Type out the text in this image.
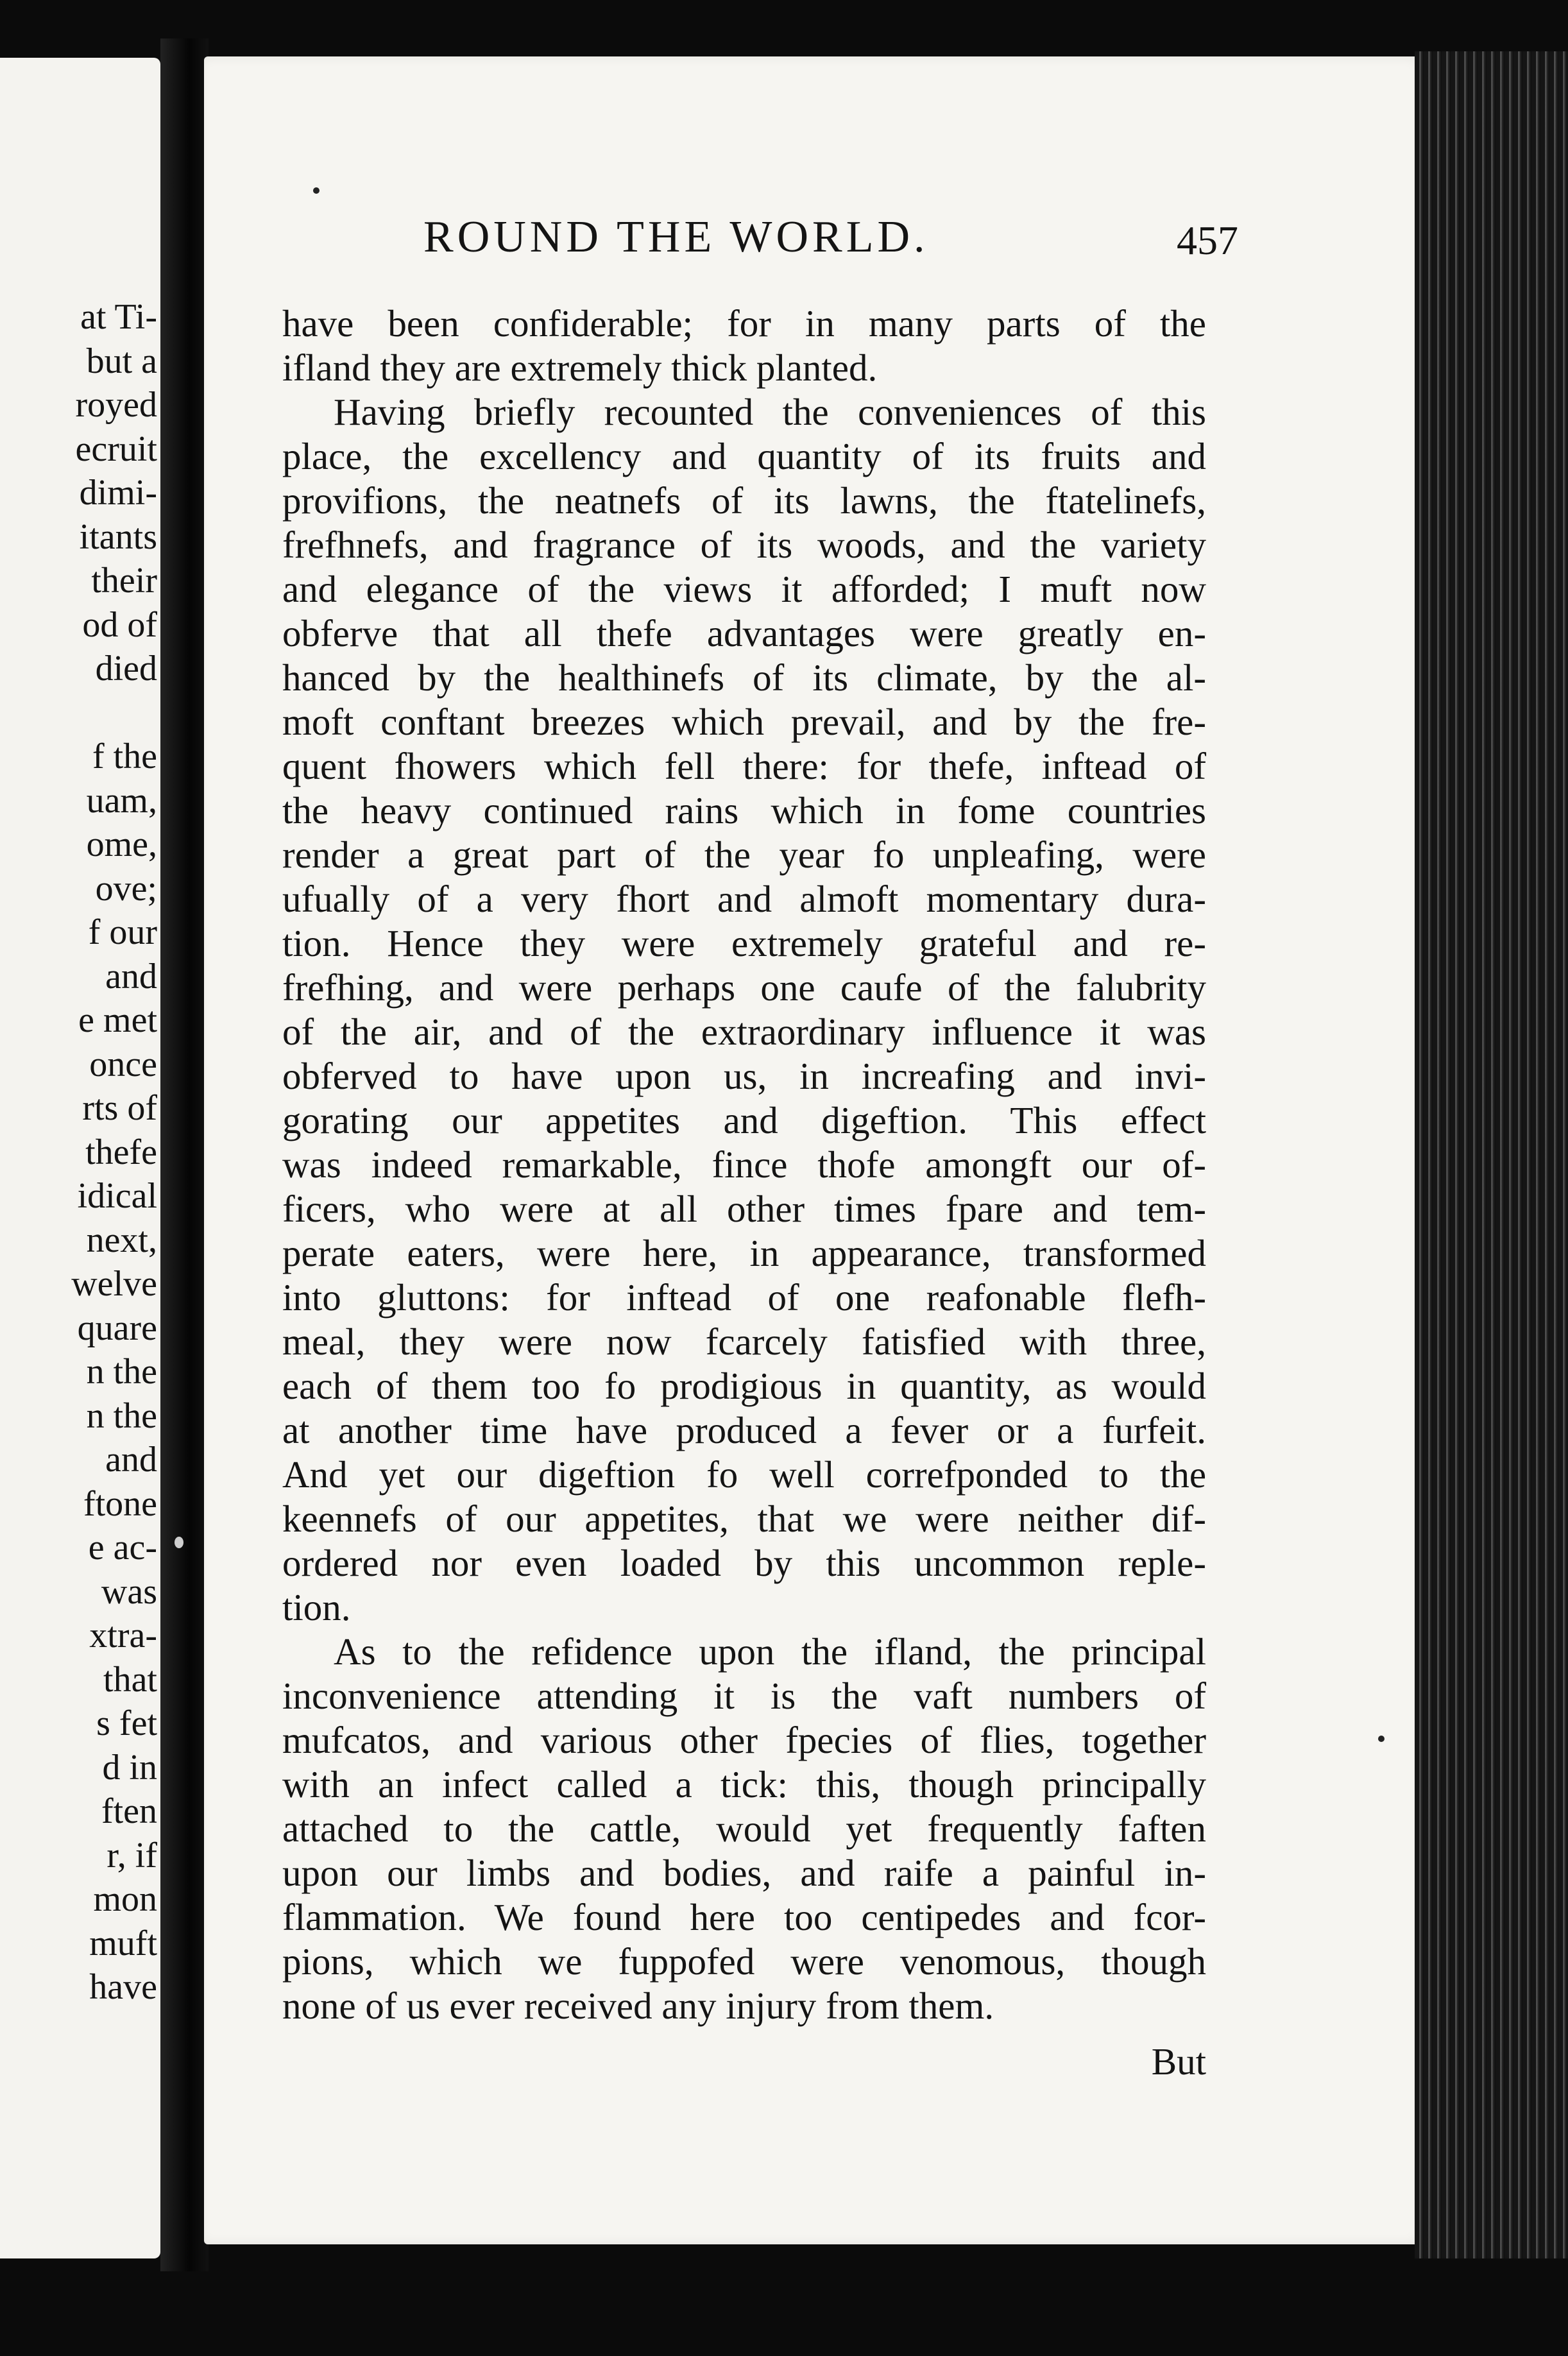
at Ti-
but a
royed
ecruit
dimi-
itants
their
od of
died
f the
uam,
ome,
ove;
f our
and
e met
once
rts of
thefe
idical
next,
welve
quare
n the
n the
and
ftone
e ac-
was
xtra-
that
s fet
d in
ften
r, if
mon
muft
have
ROUND THE WORLD.	457
have been confiderable; for in many parts of the
ifland they are extremely thick planted.
Having briefly recounted the conveniences of this
place, the excellency and quantity of its fruits and
provifions, the neatnefs of its lawns, the ftatelinefs,
frefhnefs, and fragrance of its woods, and the variety
and elegance of the views it afforded; I muft now
obferve that all thefe advantages were greatly en-
hanced by the healthinefs of its climate, by the al-
moft conftant breezes which prevail, and by the fre-
quent fhowers which fell there: for thefe, inftead of
the heavy continued rains which in fome countries
render a great part of the year fo unpleafing, were
ufually of a very fhort and almoft momentary dura-
tion. Hence they were extremely grateful and re-
frefhing, and were perhaps one caufe of the falubrity
of the air, and of the extraordinary influence it was
obferved to have upon us, in increafing and invi-
gorating our appetites and digeftion. This effect
was indeed remarkable, fince thofe amongft our of-
ficers, who were at all other times fpare and tem-
perate eaters, were here, in appearance, transformed
into gluttons: for inftead of one reafonable flefh-
meal, they were now fcarcely fatisfied with three,
each of them too fo prodigious in quantity, as would
at another time have produced a fever or a furfeit.
And yet our digeftion fo well correfponded to the
keennefs of our appetites, that we were neither dif-
ordered nor even loaded by this uncommon reple-
tion.
As to the refidence upon the ifland, the principal
inconvenience attending it is the vaft numbers of
mufcatos, and various other fpecies of flies, together
with an infect called a tick: this, though principally
attached to the cattle, would yet frequently faften
upon our limbs and bodies, and raife a painful in-
flammation. We found here too centipedes and fcor-
pions, which we fuppofed were venomous, though
none of us ever received any injury from them.
But
